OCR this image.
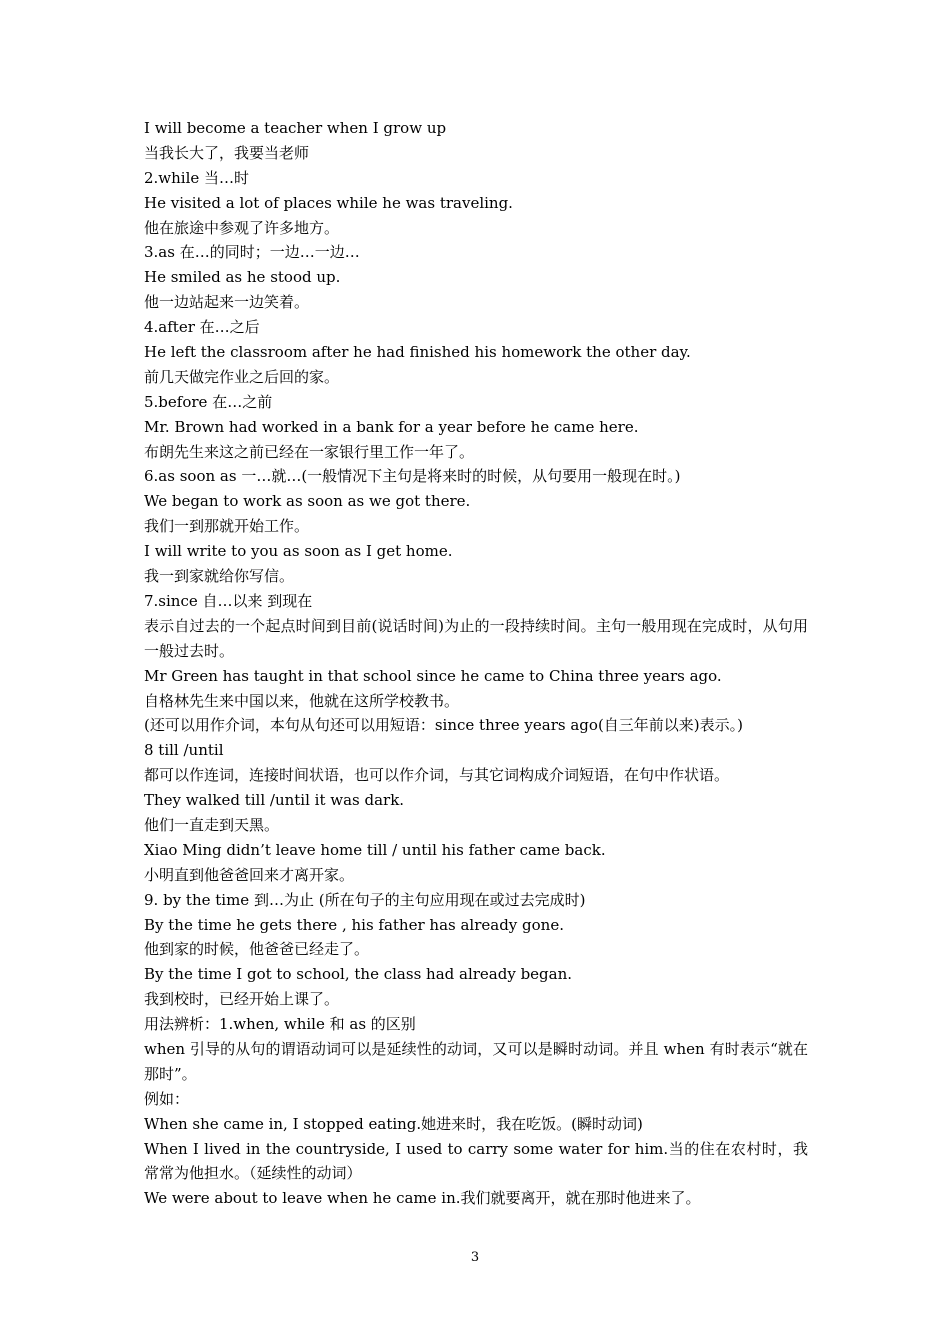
I will become a teacher when I grow up
当我长大了，我要当老师
2.while 当…时
He visited a lot of places while he was traveling.
他在旅途中参观了许多地方。
3.as 在…的同时；一边…一边…
He smiled as he stood up.
他一边站起来一边笑着。
4.after 在…之后
He left the classroom after he had finished his homework the other day.
前几天做完作业之后回的家。
5.before 在…之前
Mr. Brown had worked in a bank for a year before he came here.
布朗先生来这之前已经在一家银行里工作一年了。
6.as soon as 一…就…(一般情况下主句是将来时的时候，从句要用一般现在时。)
We began to work as soon as we got there.
我们一到那就开始工作。
I will write to you as soon as I get home.
我一到家就给你写信。
7.since 自…以来 到现在
表示自过去的一个起点时间到目前(说话时间)为止的一段持续时间。主句一般用现在完成时，从句用一般过去时。
Mr Green has taught in that school since he came to China three years ago.
自格林先生来中国以来，他就在这所学校教书。
(还可以用作介词，本句从句还可以用短语：since three years ago(自三年前以来)表示。)
8 till /until
都可以作连词，连接时间状语，也可以作介词，与其它词构成介词短语，在句中作状语。
They walked till /until it was dark.
他们一直走到天黑。
Xiao Ming didn’t leave home till / until his father came back.
小明直到他爸爸回来才离开家。
9. by the time 到…为止 (所在句子的主句应用现在或过去完成时)
By the time he gets there , his father has already gone.
他到家的时候，他爸爸已经走了。
By the time I got to school, the class had already began.
我到校时，已经开始上课了。
用法辨析：1.when, while 和 as 的区别
when 引导的从句的谓语动词可以是延续性的动词，又可以是瞬时动词。并且 when 有时表示“就在那时”。
例如：
When she came in, I stopped eating.她进来时，我在吃饭。(瞬时动词)
When I lived in the countryside, I used to carry some water for him.当的住在农村时，我常常为他担水。（延续性的动词）
We were about to leave when he came in.我们就要离开，就在那时他进来了。
3
